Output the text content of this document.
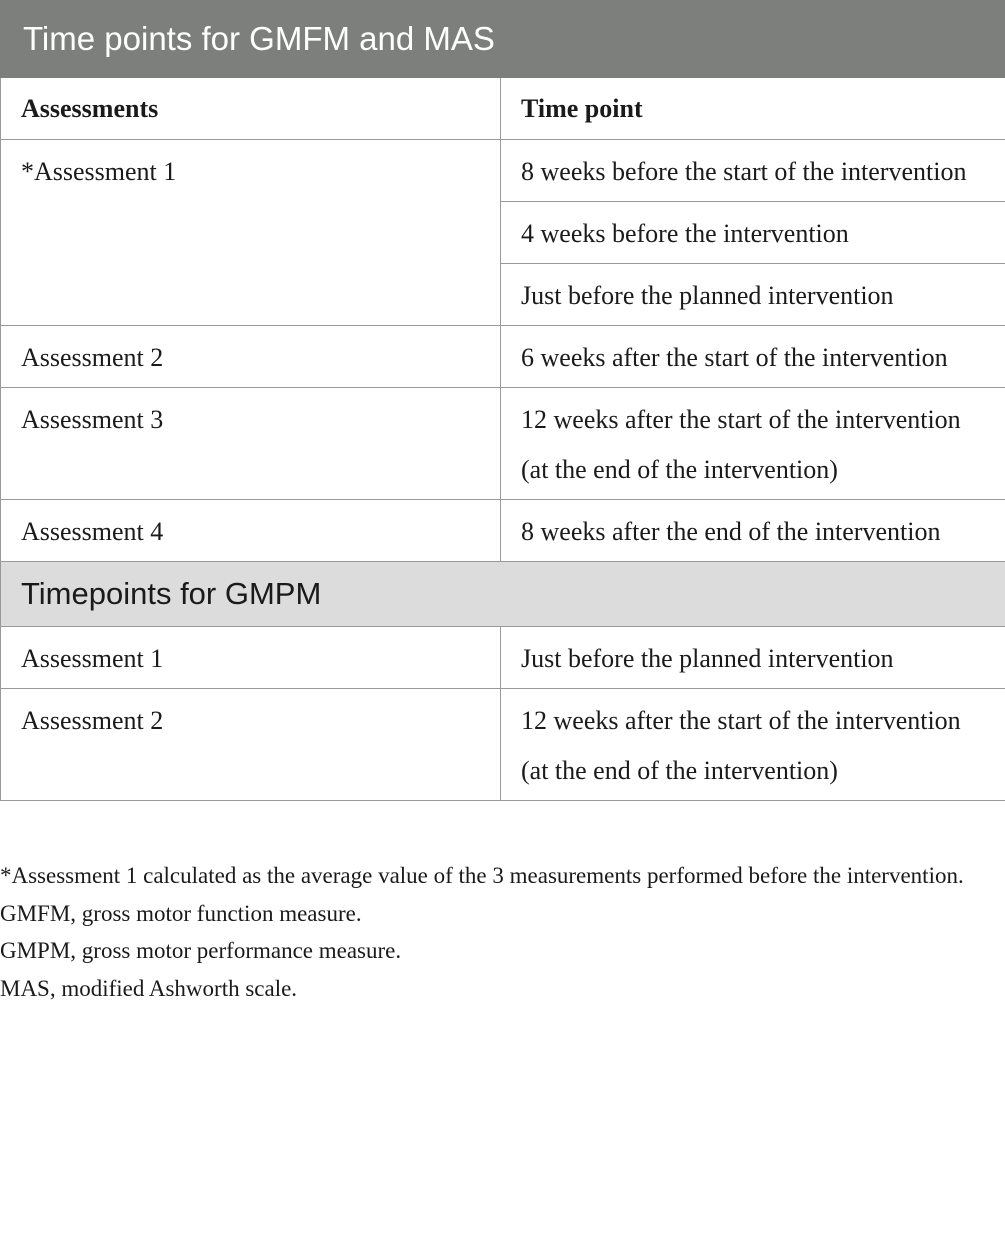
Time points for GMFM and MAS	
Assessments	Time point
*Assessment 1	8 weeks before the start of the intervention
	4 weeks before the intervention
	Just before the planned intervention
Assessment 2	6 weeks after the start of the intervention
Assessment 3	12 weeks after the start of the intervention (at the end of the intervention)
Assessment 4	8 weeks after the end of the intervention
Timepoints for GMPM	
Assessment 1	Just before the planned intervention
Assessment 2	12 weeks after the start of the intervention (at the end of the intervention)

*Assessment 1 calculated as the average value of the 3 measurements performed before the intervention.

GMFM, gross motor function measure.

GMPM, gross motor performance measure.

MAS, modified Ashworth scale.
